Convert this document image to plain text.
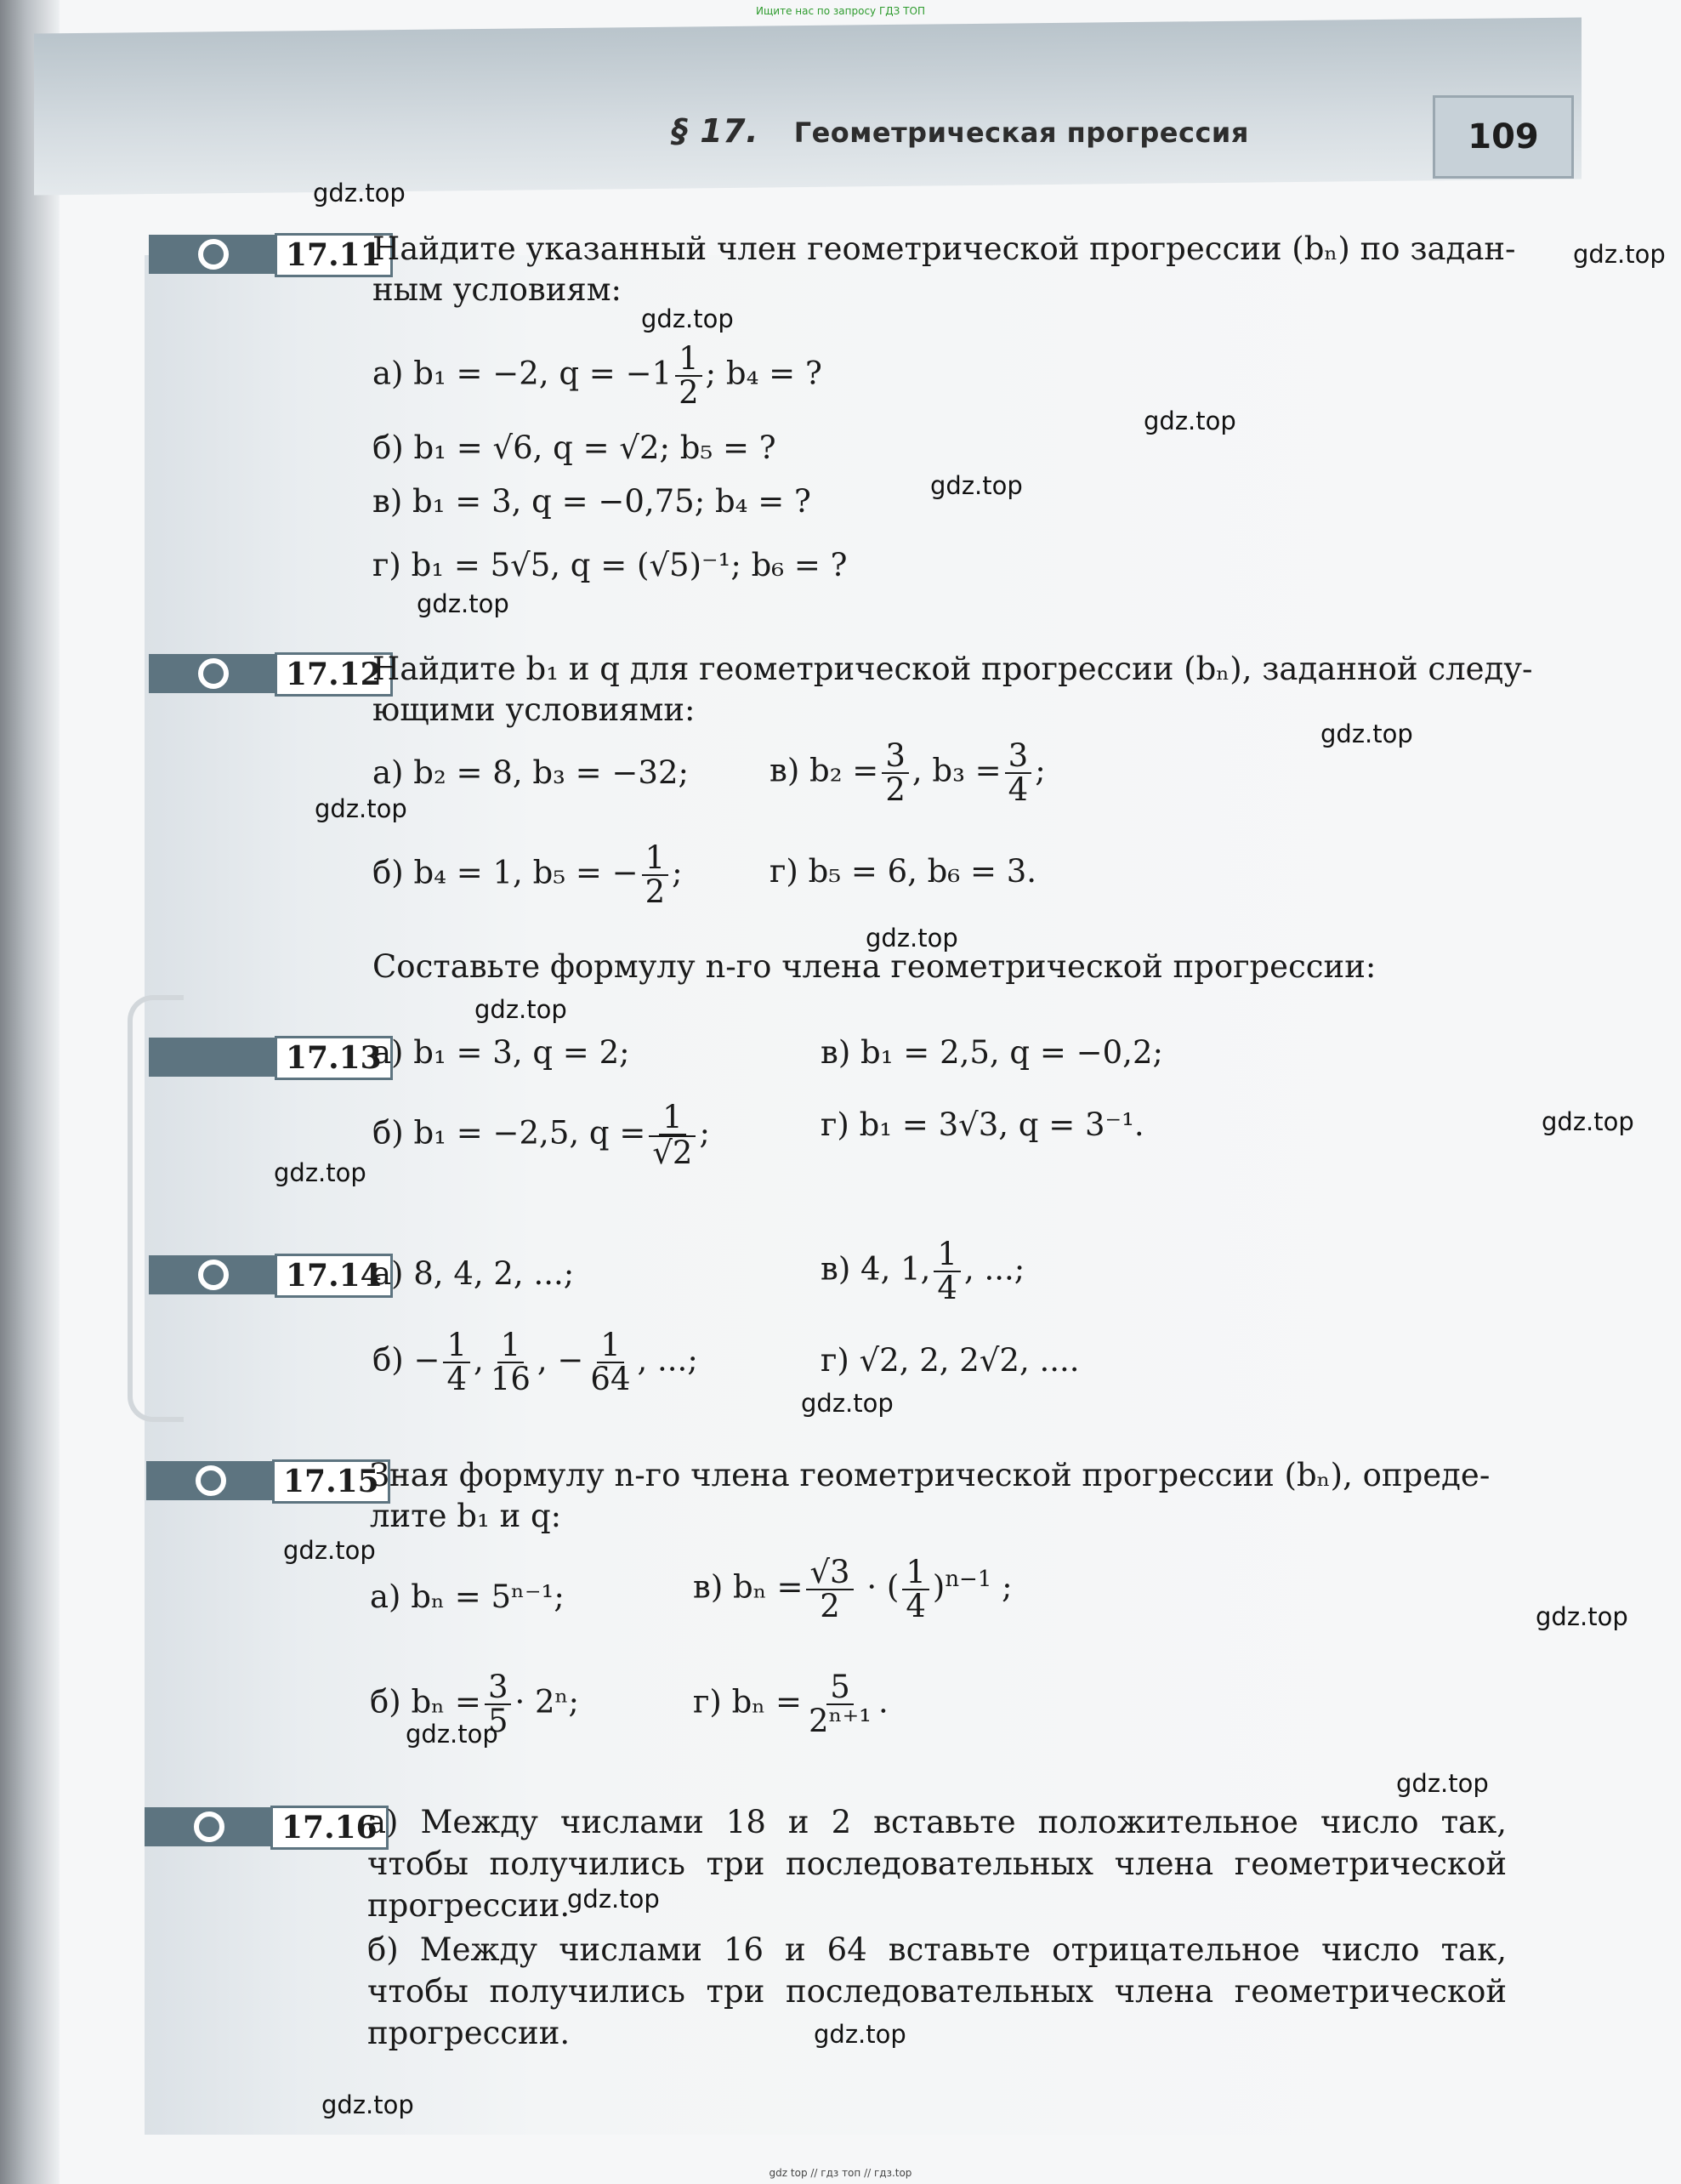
Ищите нас по запросу ГДЗ ТОП
§ 17. Геометрическая прогрессия	109
17.11
Найдите указанный член геометрической прогрессии (bₙ) по задан-
ным условиям:
а) b₁ = −2, $q = -1 \frac{1}{2}$ ; b₄ = ?
б) b₁ = √6, q = √2; b₅ = ?
в) b₁ = 3, q = −0,75; b₄ = ?
г) b₁ = 5√5, q = (√5)⁻¹; b₆ = ?
17.12
Найдите b₁ и q для геометрической прогрессии (bₙ), заданной следу-
ющими условиями:
а) b₂ = 8, b₃ = −32;	в) $b_2 = \frac{3}{2}$ , $b_3 = \frac{3}{4}$ ;
б) b₄ = 1, b₅ = − $\frac{1}{2}$ ;	г) b₅ = 6, b₆ = 3.
Составьте формулу n-го члена геометрической прогрессии:
17.13
а) b₁ = 3, q = 2;	в) b₁ = 2,5, q = −0,2;
б) b₁ = −2,5, $q = \frac{1}{√2}$ ;	г) b₁ = 3√3, q = 3⁻¹.
17.14
а) 8, 4, 2, ...;	в) 4, 1, $\frac{1}{4}$ , ...;
$б) - \frac{1}{4}$ , $\frac{1}{16}$ , − $\frac{1}{64}$ , ...;	г) √2, 2, 2√2, ....
17.15
Зная формулу n-го члена геометрической прогрессии (bₙ), опреде-
лите b₁ и q:
а) bₙ = 5ⁿ⁻¹;	в) $b_n = \frac{√3}{2}$ · ( $\frac{1}{4} )^{n-1}$ ;
б) $b_n = \frac{3}{5} \cdot 2^n$;	г) $b_n = \frac{5}{\text{2ⁿ⁺¹}}$ .
17.16
а) Между числами 18 и 2 вставьте положительное число так, чтобы получились три последовательных члена геометрической прогрессии.
б) Между числами 16 и 64 вставьте отрицательное число так, чтобы получились три последовательных члена геометрической прогрессии.
gdz.top
gdz.top
gdz.top
gdz.top
gdz.top
gdz.top
gdz.top
gdz.top
gdz.top
gdz.top
gdz.top
gdz.top
gdz.top
gdz.top
gdz.top
gdz.top
gdz.top
gdz.top
gdz.top
gdz.top
gdz top // гдз топ // гдз.top
